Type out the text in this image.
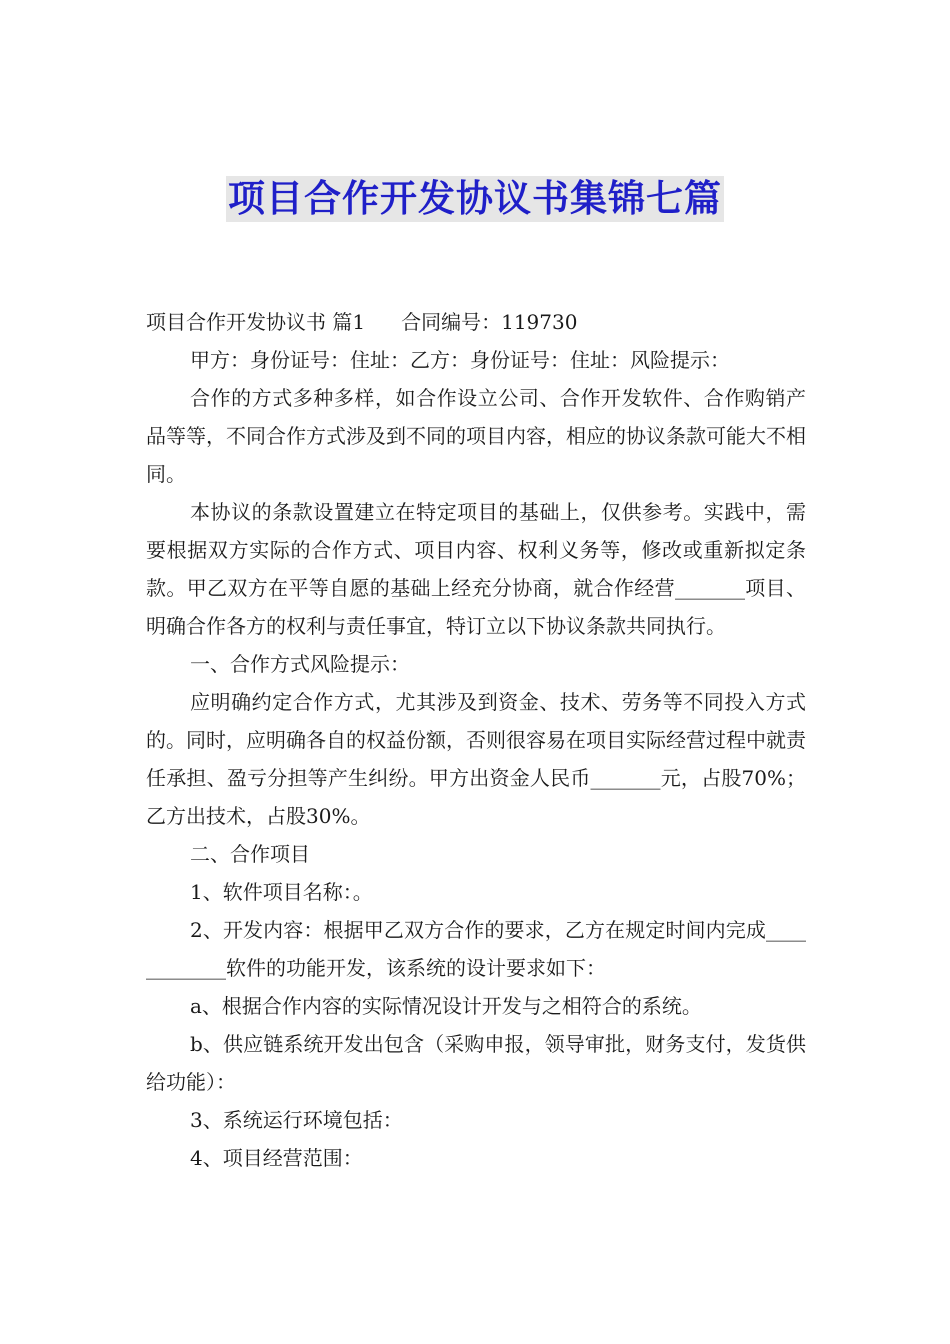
项目合作开发协议书集锦七篇

项目合作开发协议书 篇1 合同编号：119730

甲方：身份证号：住址：乙方：身份证号：住址：风险提示：

合作的方式多种多样，如合作设立公司、合作开发软件、合作购销产品等等，不同合作方式涉及到不同的项目内容，相应的协议条款可能大不相同。

本协议的条款设置建立在特定项目的基础上，仅供参考。实践中，需要根据双方实际的合作方式、项目内容、权利义务等，修改或重新拟定条款。甲乙双方在平等自愿的基础上经充分协商，就合作经营_______项目、明确合作各方的权利与责任事宜，特订立以下协议条款共同执行。

一、合作方式风险提示：

应明确约定合作方式，尤其涉及到资金、技术、劳务等不同投入方式的。同时，应明确各自的权益份额，否则很容易在项目实际经营过程中就责任承担、盈亏分担等产生纠纷。甲方出资金人民币_______元，占股70%；乙方出技术，占股30%。

二、合作项目

1、软件项目名称：。

2、开发内容：根据甲乙双方合作的要求，乙方在规定时间内完成____________软件的功能开发，该系统的设计要求如下：

a、根据合作内容的实际情况设计开发与之相符合的系统。

b、供应链系统开发出包含（采购申报，领导审批，财务支付，发货供给功能）：

3、系统运行环境包括：

4、项目经营范围：
